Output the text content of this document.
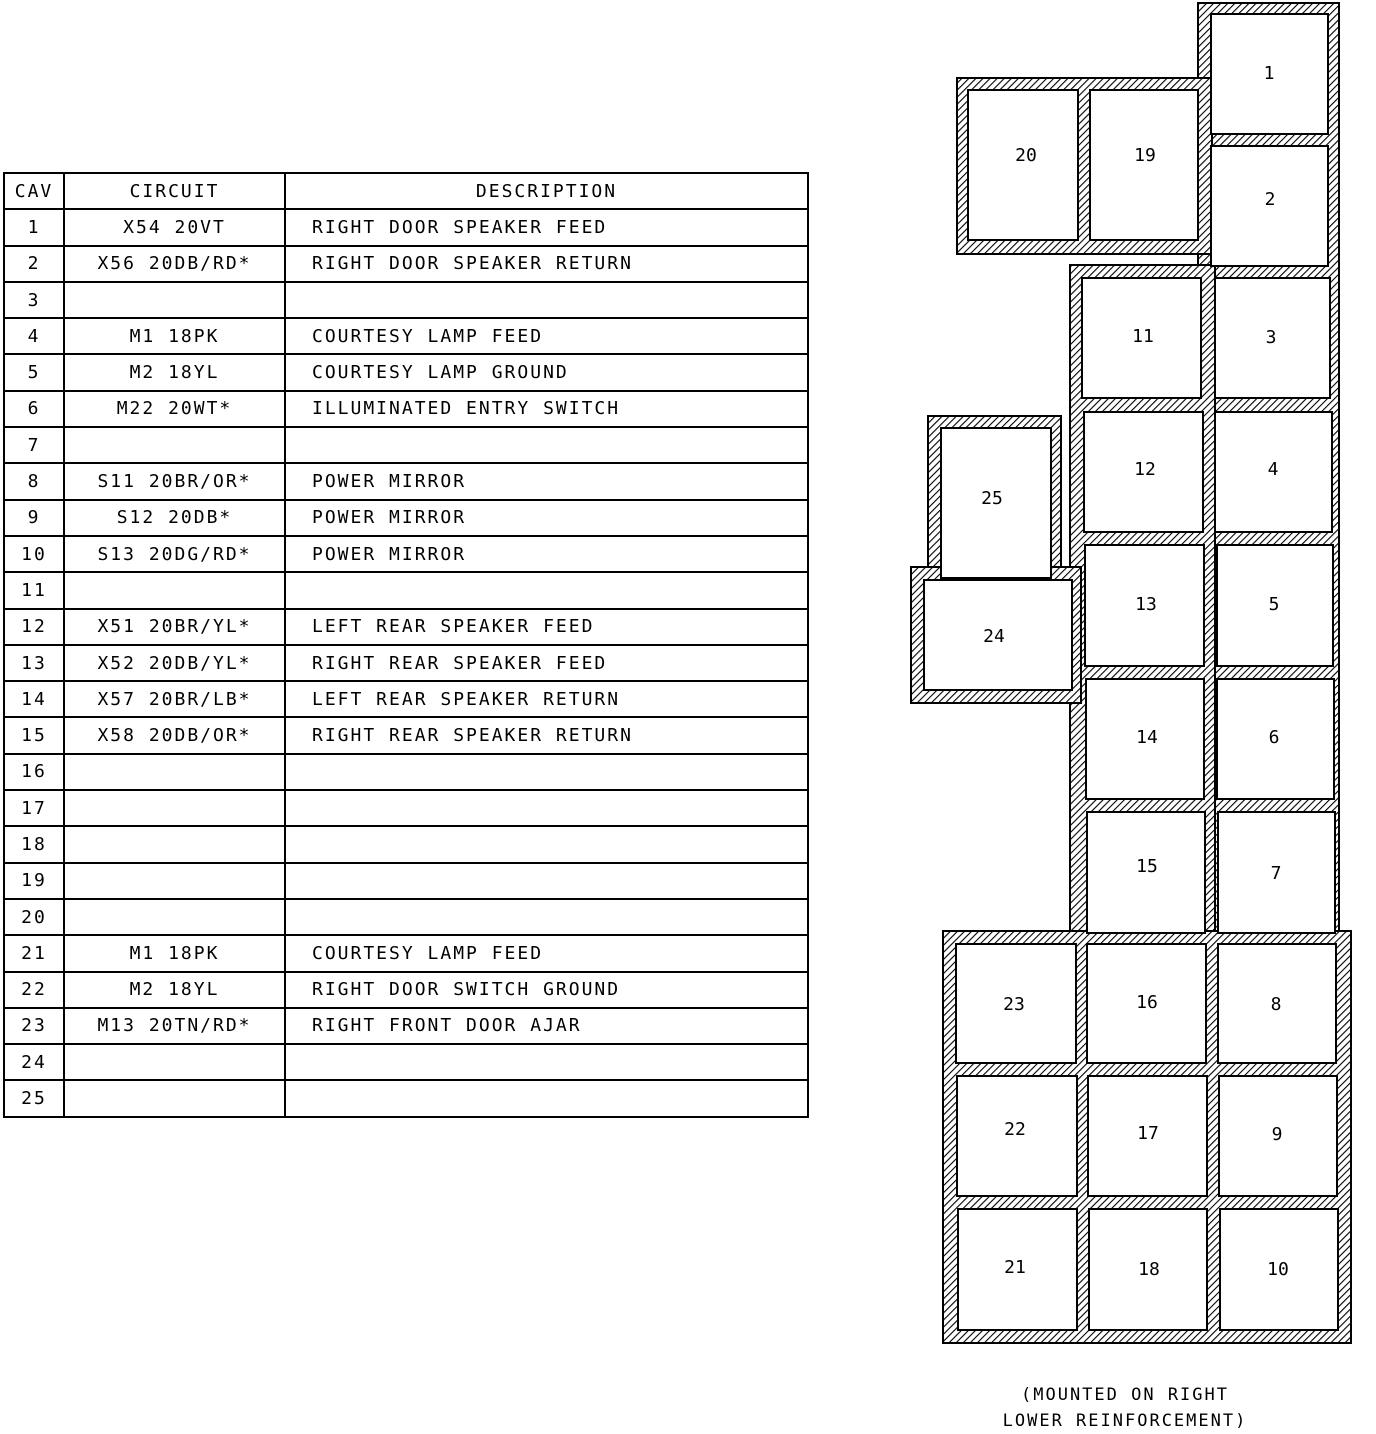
1
2
3
4
5
6
7
8
9
10
11
12
13
14
15
16
17
18
19
20
21
22
23
24
25
CAV	CIRCUIT	DESCRIPTION
1	X54 20VT	RIGHT DOOR SPEAKER FEED
2	X56 20DB/RD*	RIGHT DOOR SPEAKER RETURN
3		
4	M1 18PK	COURTESY LAMP FEED
5	M2 18YL	COURTESY LAMP GROUND
6	M22 20WT*	ILLUMINATED ENTRY SWITCH
7		
8	S11 20BR/OR*	POWER MIRROR
9	S12 20DB*	POWER MIRROR
10	S13 20DG/RD*	POWER MIRROR
11		
12	X51 20BR/YL*	LEFT REAR SPEAKER FEED
13	X52 20DB/YL*	RIGHT REAR SPEAKER FEED
14	X57 20BR/LB*	LEFT REAR SPEAKER RETURN
15	X58 20DB/OR*	RIGHT REAR SPEAKER RETURN
16		
17		
18		
19		
20		
21	M1 18PK	COURTESY LAMP FEED
22	M2 18YL	RIGHT DOOR SWITCH GROUND
23	M13 20TN/RD*	RIGHT FRONT DOOR AJAR
24		
25		
(MOUNTED ON RIGHT
LOWER REINFORCEMENT)
